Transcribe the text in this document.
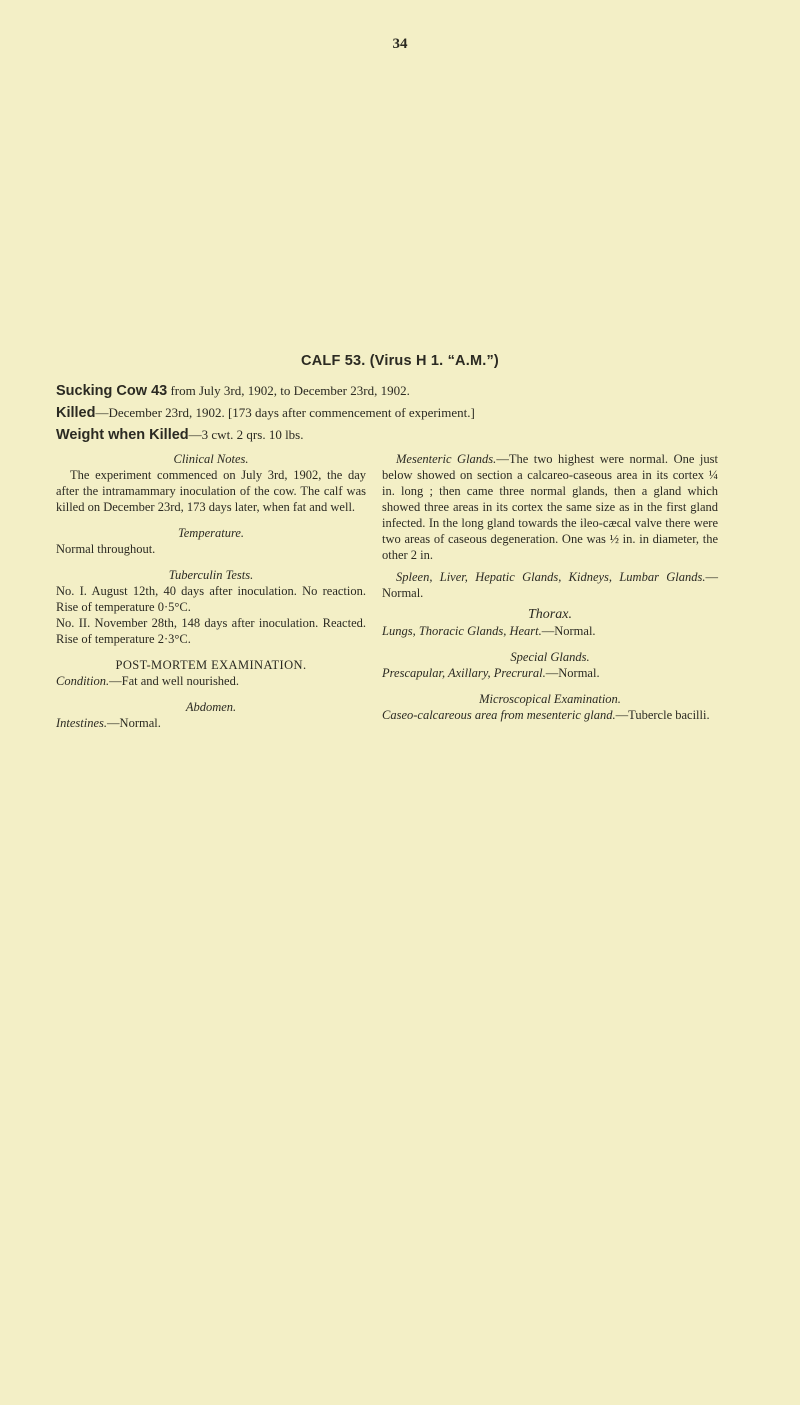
34
CALF 53. (Virus H 1. “A.M.”)
Sucking Cow 43 from July 3rd, 1902, to December 23rd, 1902.
Killed—December 23rd, 1902. [173 days after commencement of experiment.]
Weight when Killed—3 cwt. 2 qrs. 10 lbs.

Clinical Notes.

The experiment commenced on July 3rd, 1902, the day after the intramammary inoculation of the cow. The calf was killed on December 23rd, 173 days later, when fat and well.

Temperature.

Normal throughout.

Tuberculin Tests.

No. I. August 12th, 40 days after inoculation. No reaction. Rise of temperature 0·5°C.

No. II. November 28th, 148 days after inoculation. Reacted. Rise of temperature 2·3°C.

POST-MORTEM EXAMINATION.

Condition.—Fat and well nourished.

Abdomen.

Intestines.—Normal.

Mesenteric Glands.—The two highest were normal. One just below showed on section a calcareo-caseous area in its cortex ¼ in. long ; then came three normal glands, then a gland which showed three areas in its cortex the same size as in the first gland infected. In the long gland towards the ileo-cæcal valve there were two areas of caseous degeneration. One was ½ in. in diameter, the other 2 in.

Spleen, Liver, Hepatic Glands, Kidneys, Lumbar Glands.—Normal.

Thorax.

Lungs, Thoracic Glands, Heart.—Normal.

Special Glands.

Prescapular, Axillary, Precrural.—Normal.

Microscopical Examination.

Caseo-calcareous area from mesenteric gland.—Tubercle bacilli.
